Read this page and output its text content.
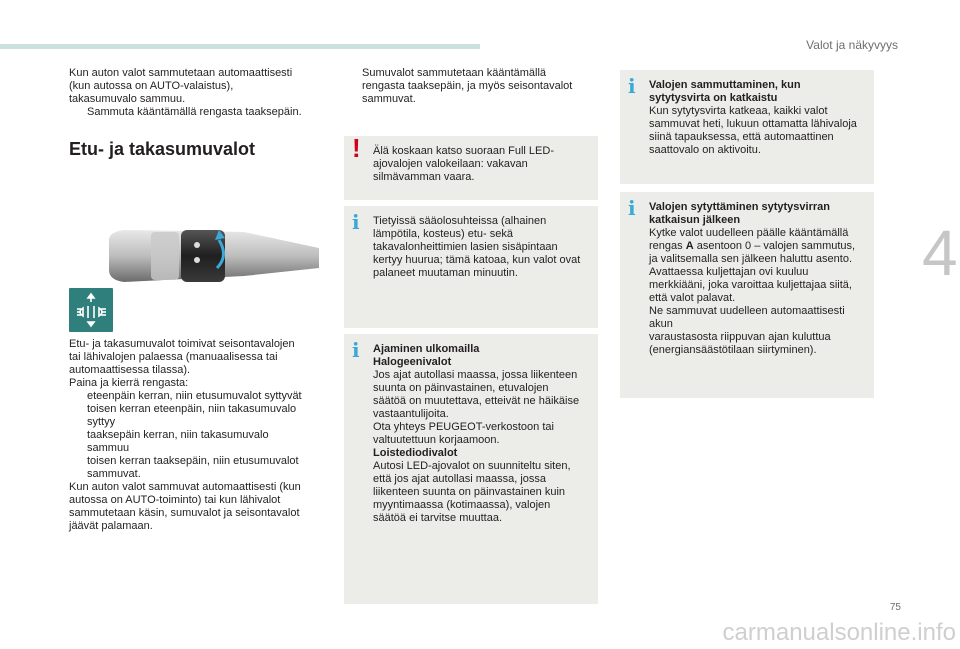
Valot ja näkyvyys
4

Kun auton valot sammutetaan automaattisesti

(kun autossa on AUTO-valaistus),

takasumuvalo sammuu.

Sammuta kääntämällä rengasta taaksepäin.

Etu- ja takasumuvalot

Etu- ja takasumuvalot toimivat seisontavalojen

tai lähivalojen palaessa (manuaalisessa tai

automaattisessa tilassa).

Paina ja kierrä rengasta:

eteenpäin kerran, niin etusumuvalot syttyvät

toisen kerran eteenpäin, niin takasumuvalo
syttyy

taaksepäin kerran, niin takasumuvalo
sammuu

toisen kerran taaksepäin, niin etusumuvalot
sammuvat.

Kun auton valot sammuvat automaattisesti (kun

autossa on AUTO-toiminto) tai kun lähivalot

sammutetaan käsin, sumuvalot ja seisontavalot

jäävät palamaan.

Sumuvalot sammutetaan kääntämällä
rengasta taaksepäin, ja myös seisontavalot
sammuvat.

! Älä koskaan katso suoraan Full LED-

ajovalojen valokeilaan: vakavan

silmävamman vaara.

i Tietyissä sääolosuhteissa (alhainen

lämpötila, kosteus) etu- sekä

takavalonheittimien lasien sisäpintaan

kertyy huurua; tämä katoaa, kun valot ovat

palaneet muutaman minuutin.

i Ajaminen ulkomailla

Halogeenivalot

Jos ajat autollasi maassa, jossa liikenteen

suunta on päinvastainen, etuvalojen

säätöä on muutettava, etteivät ne häikäise

vastaantulijoita.

Ota yhteys PEUGEOT-verkostoon tai

valtuutettuun korjaamoon.

Loistediodivalot

Autosi LED-ajovalot on suunniteltu siten,

että jos ajat autollasi maassa, jossa

liikenteen suunta on päinvastainen kuin

myyntimaassa (kotimaassa), valojen

säätöä ei tarvitse muuttaa.

i Valojen sammuttaminen, kun

sytytysvirta on katkaistu

Kun sytytysvirta katkeaa, kaikki valot

sammuvat heti, lukuun ottamatta lähivaloja

siinä tapauksessa, että automaattinen

saattovalo on aktivoitu.

i Valojen sytyttäminen sytytysvirran

katkaisun jälkeen

Kytke valot uudelleen päälle kääntämällä

rengas A asentoon 0 – valojen sammutus,

ja valitsemalla sen jälkeen haluttu asento.

Avattaessa kuljettajan ovi kuuluu

merkkiääni, joka varoittaa kuljettajaa siitä,

että valot palavat.

Ne sammuvat uudelleen automaattisesti akun

varaustasosta riippuvan ajan kuluttua

(energiansäästötilaan siirtyminen).

75
carmanualsonline.info
